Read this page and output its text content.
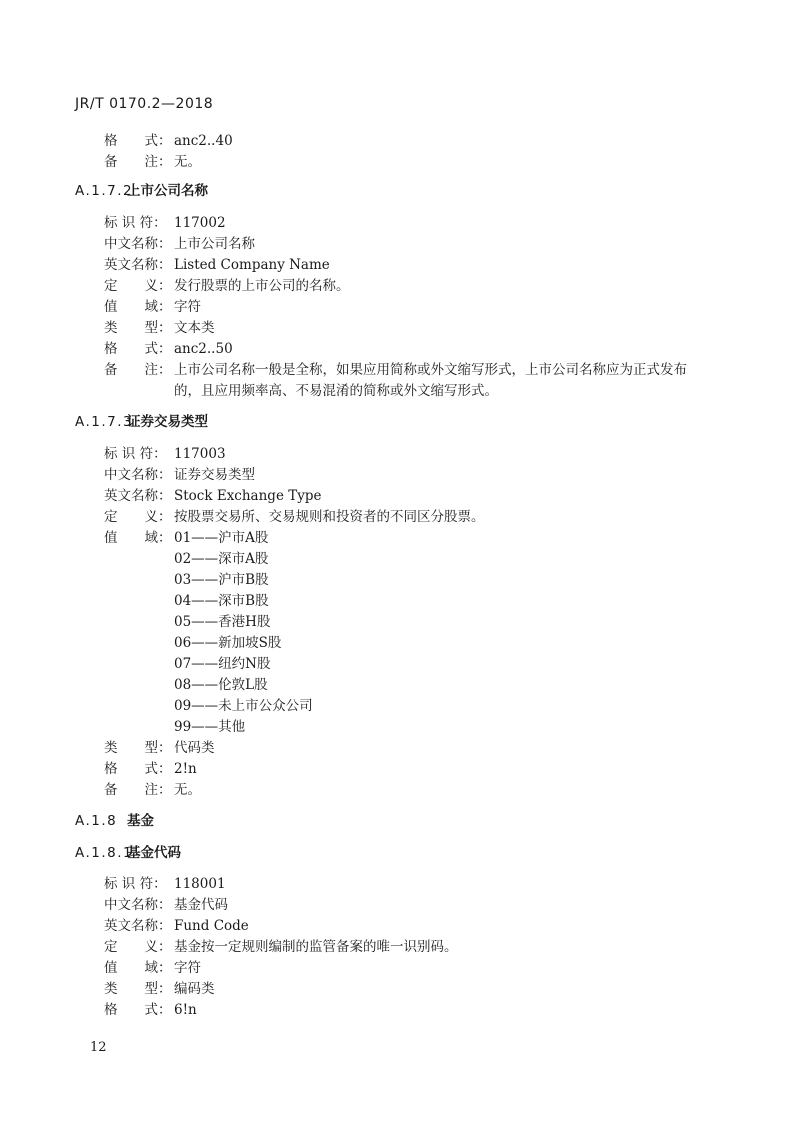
JR/T 0170.2—2018
格　　式： anc2..40
备　　注： 无。
A.1.7.2
上市公司名称
标 识 符： 117002
中文名称： 上市公司名称
英文名称： Listed Company Name
定　　义： 发行股票的上市公司的名称。
值　　域： 字符
类　　型： 文本类
格　　式： anc2..50
备　　注： 上市公司名称一般是全称，如果应用简称或外文缩写形式，上市公司名称应为正式发布
的，且应用频率高、不易混淆的简称或外文缩写形式。
A.1.7.3
证券交易类型
标 识 符： 117003
中文名称： 证券交易类型
英文名称： Stock Exchange Type
定　　义： 按股票交易所、交易规则和投资者的不同区分股票。
值　　域： 01——沪市A股
02——深市A股
03——沪市B股
04——深市B股
05——香港H股
06——新加坡S股
07——纽约N股
08——伦敦L股
09——未上市公众公司
99——其他
类　　型： 代码类
格　　式： 2!n
备　　注： 无。
A.1.8 基金
A.1.8.1
基金代码
标 识 符： 118001
中文名称： 基金代码
英文名称： Fund Code
定　　义： 基金按一定规则编制的监管备案的唯一识别码。
值　　域： 字符
类　　型： 编码类
格　　式： 6!n
12
